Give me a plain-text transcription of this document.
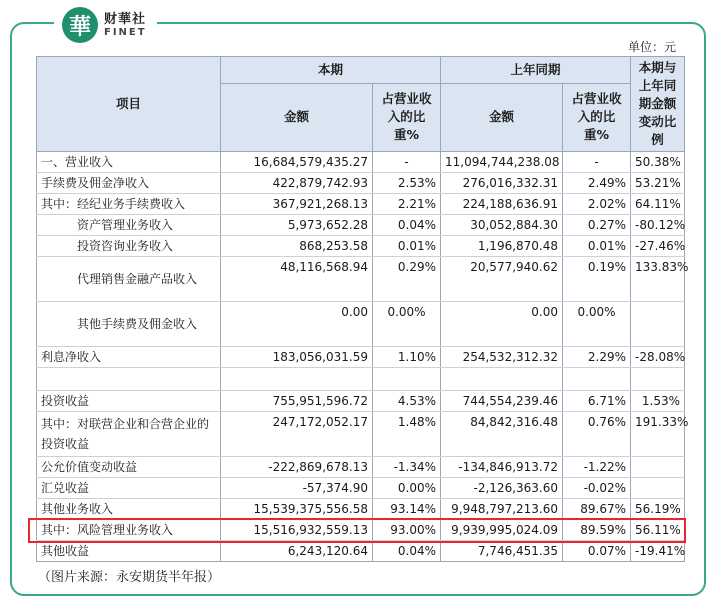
華	财華社
FINET
单位：元
项目	本期		上年同期		本期与上年同期金额变动比例
	金额	占营业收入的比重%	金额	占营业收入的比重%	
一、营业收入	16,684,579,435.27	-	11,094,744,238.08	-	50.38%
手续费及佣金净收入	422,879,742.93	2.53%	276,016,332.31	2.49%	53.21%
其中：经纪业务手续费收入	367,921,268.13	2.21%	224,188,636.91	2.02%	64.11%
资产管理业务收入	5,973,652.28	0.04%	30,052,884.30	0.27%	-80.12%
投资咨询业务收入	868,253.58	0.01%	1,196,870.48	0.01%	-27.46%
代理销售金融产品收入	48,116,568.94	0.29%	20,577,940.62	0.19%	133.83%
其他手续费及佣金收入	0.00	0.00%	0.00	0.00%	
利息净收入	183,056,031.59	1.10%	254,532,312.32	2.29%	-28.08%

投资收益	755,951,596.72	4.53%	744,554,239.46	6.71%	1.53%
其中：对联营企业和合营企业的投资收益	247,172,052.17	1.48%	84,842,316.48	0.76%	191.33%
公允价值变动收益	-222,869,678.13	-1.34%	-134,846,913.72	-1.22%	
汇兑收益	-57,374.90	0.00%	-2,126,363.60	-0.02%	
其他业务收入	15,539,375,556.58	93.14%	9,948,797,213.60	89.67%	56.19%
其中：风险管理业务收入	15,516,932,559.13	93.00%	9,939,995,024.09	89.59%	56.11%
其他收益	6,243,120.64	0.04%	7,746,451.35	0.07%	-19.41%
（图片来源：永安期货半年报）
